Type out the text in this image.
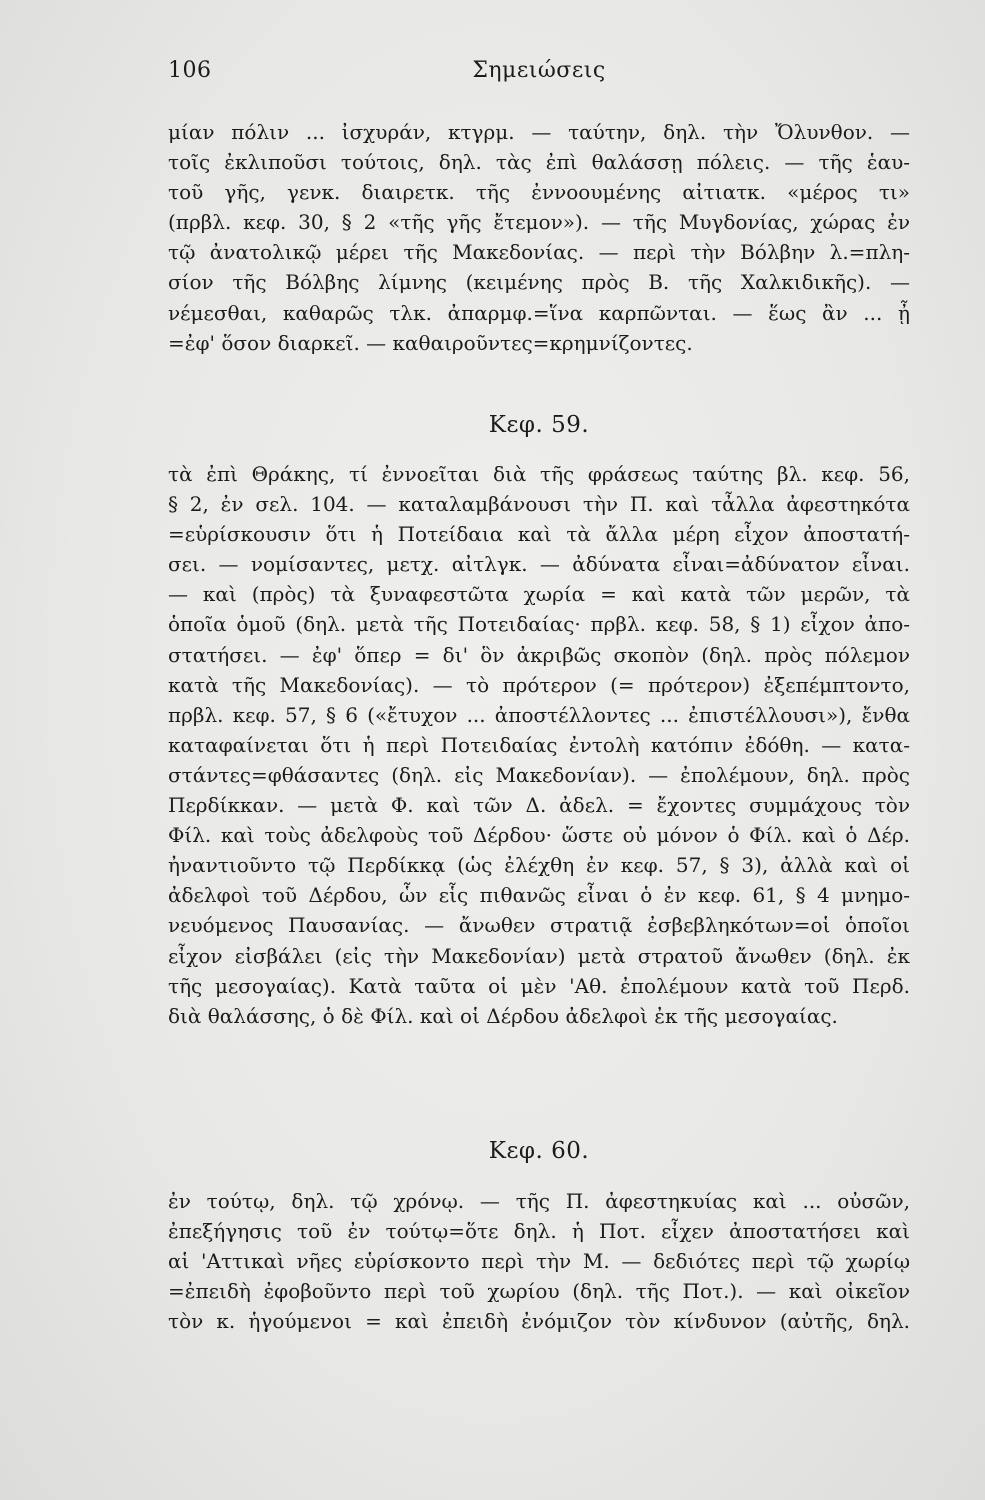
106	Σημειώσεις
μίαν πόλιν ... ἰσχυράν, κτγρμ. — ταύτην, δηλ. τὴν Ὄλυνθον. —
τοῖς ἐκλιποῦσι τούτοις, δηλ. τὰς ἐπὶ θαλάσσῃ πόλεις. — τῆς ἑαυ-
τοῦ γῆς, γενκ. διαιρετκ. τῆς ἐννοουμένης αἰτιατκ. «μέρος τι»
(πρβλ. κεφ. 30, § 2 «τῆς γῆς ἔτεμον»). — τῆς Μυγδονίας, χώρας ἐν
τῷ ἀνατολικῷ μέρει τῆς Μακεδονίας. — περὶ τὴν Βόλβην λ.=πλη-
σίον τῆς Βόλβης λίμνης (κειμένης πρὸς Β. τῆς Χαλκιδικῆς). —
νέμεσθαι, καθαρῶς τλκ. ἀπαρμφ.=ἵνα καρπῶνται. — ἕως ἂν ... ᾖ
=ἐφ' ὅσον διαρκεῖ. — καθαιροῦντες=κρημνίζοντες.
Κεφ. 59.
τὰ ἐπὶ Θράκης, τί ἐννοεῖται διὰ τῆς φράσεως ταύτης βλ. κεφ. 56,
§ 2, ἐν σελ. 104. — καταλαμβάνουσι τὴν Π. καὶ τἆλλα ἀφεστηκότα
=εὑρίσκουσιν ὅτι ἡ Ποτείδαια καὶ τὰ ἄλλα μέρη εἶχον ἀποστατή-
σει. — νομίσαντες, μετχ. αἰτλγκ. — ἀδύνατα εἶναι=ἀδύνατον εἶναι.
— καὶ (πρὸς) τὰ ξυναφεστῶτα χωρία = καὶ κατὰ τῶν μερῶν, τὰ
ὁποῖα ὁμοῦ (δηλ. μετὰ τῆς Ποτειδαίας· πρβλ. κεφ. 58, § 1) εἶχον ἀπο-
στατήσει. — ἐφ' ὅπερ = δι' ὃν ἀκριβῶς σκοπὸν (δηλ. πρὸς πόλεμον
κατὰ τῆς Μακεδονίας). — τὸ πρότερον (= πρότερον) ἐξεπέμπτοντο,
πρβλ. κεφ. 57, § 6 («ἔτυχον ... ἀποστέλλοντες ... ἐπιστέλλουσι»), ἔνθα
καταφαίνεται ὅτι ἡ περὶ Ποτειδαίας ἐντολὴ κατόπιν ἐδόθη. — κατα-
στάντες=φθάσαντες (δηλ. εἰς Μακεδονίαν). — ἐπολέμουν, δηλ. πρὸς
Περδίκκαν. — μετὰ Φ. καὶ τῶν Δ. ἀδελ. = ἔχοντες συμμάχους τὸν
Φίλ. καὶ τοὺς ἀδελφοὺς τοῦ Δέρδου· ὥστε οὐ μόνον ὁ Φίλ. καὶ ὁ Δέρ.
ἠναντιοῦντο τῷ Περδίκκᾳ (ὡς ἐλέχθη ἐν κεφ. 57, § 3), ἀλλὰ καὶ οἱ
ἀδελφοὶ τοῦ Δέρδου, ὧν εἷς πιθανῶς εἶναι ὁ ἐν κεφ. 61, § 4 μνημο-
νευόμενος Παυσανίας. — ἄνωθεν στρατιᾷ ἐσβεβληκότων=οἱ ὁποῖοι
εἶχον εἰσβάλει (εἰς τὴν Μακεδονίαν) μετὰ στρατοῦ ἄνωθεν (δηλ. ἐκ
τῆς μεσογαίας). Κατὰ ταῦτα οἱ μὲν 'Αθ. ἐπολέμουν κατὰ τοῦ Περδ.
διὰ θαλάσσης, ὁ δὲ Φίλ. καὶ οἱ Δέρδου ἀδελφοὶ ἐκ τῆς μεσογαίας.
Κεφ. 60.
ἐν τούτῳ, δηλ. τῷ χρόνῳ. — τῆς Π. ἀφεστηκυίας καὶ ... οὐσῶν,
ἐπεξήγησις τοῦ ἐν τούτῳ=ὅτε δηλ. ἡ Ποτ. εἶχεν ἀποστατήσει καὶ
αἱ 'Αττικαὶ νῆες εὑρίσκοντο περὶ τὴν Μ. — δεδιότες περὶ τῷ χωρίῳ
=ἐπειδὴ ἐφοβοῦντο περὶ τοῦ χωρίου (δηλ. τῆς Ποτ.). — καὶ οἰκεῖον
τὸν κ. ἡγούμενοι = καὶ ἐπειδὴ ἐνόμιζον τὸν κίνδυνον (αὐτῆς, δηλ.
